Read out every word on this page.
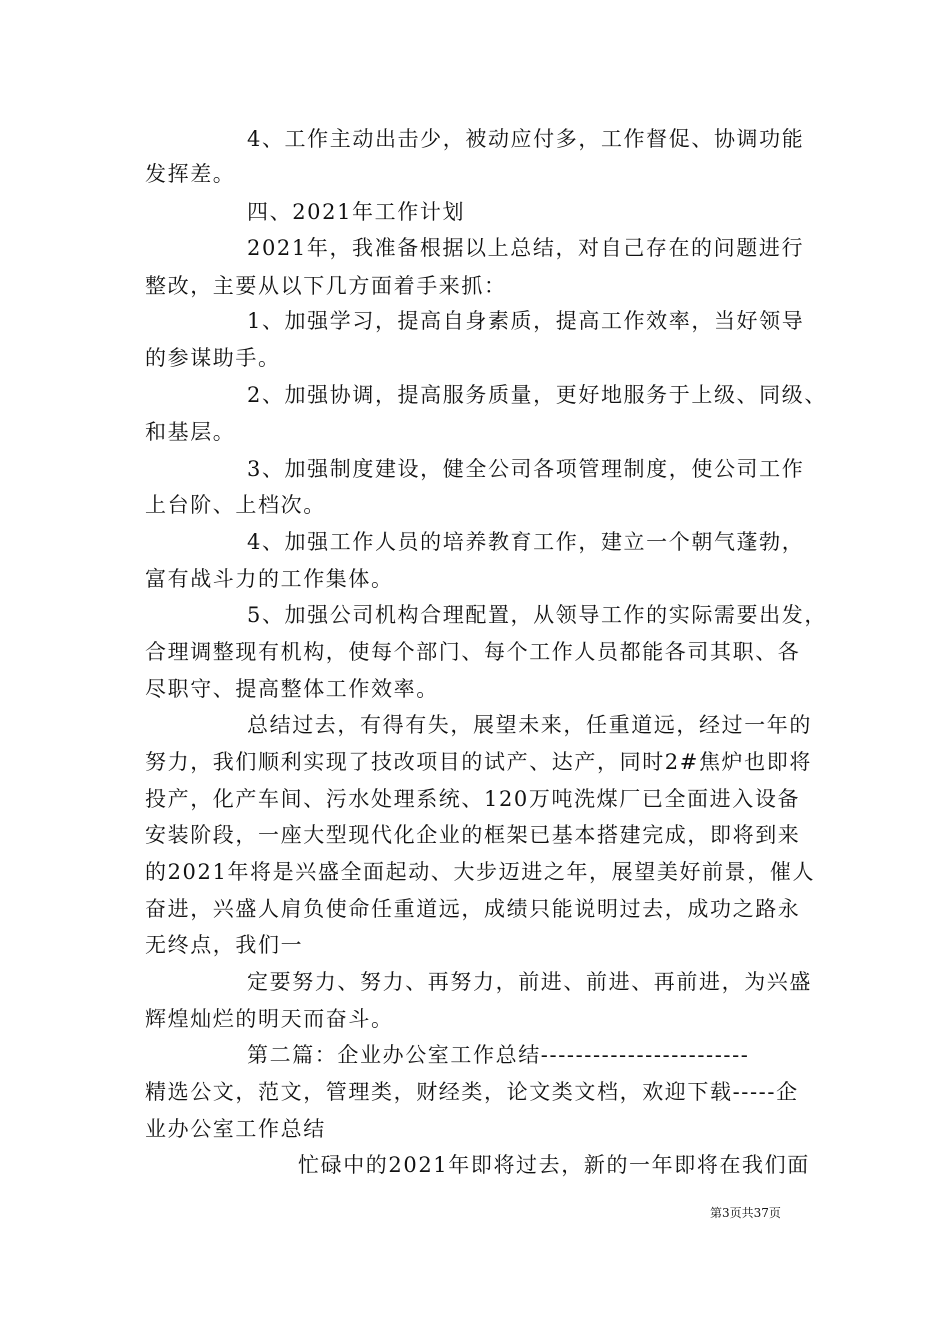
4、工作主动出击少，被动应付多，工作督促、协调功能
发挥差。
四、2021年工作计划
2021年，我准备根据以上总结，对自己存在的问题进行
整改，主要从以下几方面着手来抓：
1、加强学习，提高自身素质，提高工作效率，当好领导
的参谋助手。
2、加强协调，提高服务质量，更好地服务于上级、同级、
和基层。
3、加强制度建设，健全公司各项管理制度，使公司工作
上台阶、上档次。
4、加强工作人员的培养教育工作，建立一个朝气蓬勃，
富有战斗力的工作集体。
5、加强公司机构合理配置，从领导工作的实际需要出发，
合理调整现有机构，使每个部门、每个工作人员都能各司其职、各
尽职守、提高整体工作效率。
总结过去，有得有失，展望未来，任重道远，经过一年的
努力，我们顺利实现了技改项目的试产、达产，同时2#焦炉也即将
投产，化产车间、污水处理系统、120万吨洗煤厂已全面进入设备
安装阶段，一座大型现代化企业的框架已基本搭建完成，即将到来
的2021年将是兴盛全面起动、大步迈进之年，展望美好前景，催人
奋进，兴盛人肩负使命任重道远，成绩只能说明过去，成功之路永
无终点，我们一
定要努力、努力、再努力，前进、前进、再前进，为兴盛
辉煌灿烂的明天而奋斗。
第二篇：企业办公室工作总结------------------------
精选公文，范文，管理类，财经类，论文类文档，欢迎下载-----企
业办公室工作总结
忙碌中的2021年即将过去，新的一年即将在我们面
第3页共37页
